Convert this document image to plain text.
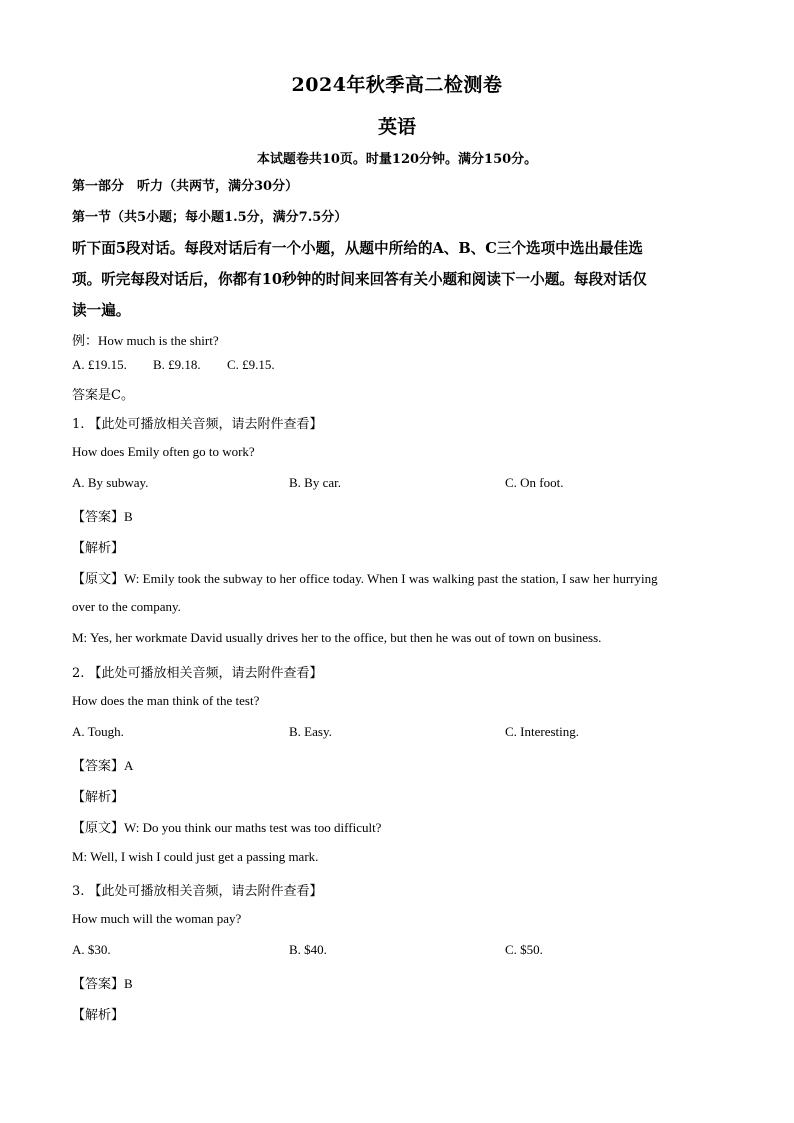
2024年秋季高二检测卷
英语
本试题卷共10页。时量120分钟。满分150分。
第一部分　听力（共两节，满分30分）
第一节（共5小题；每小题1.5分，满分7.5分）
听下面5段对话。每段对话后有一个小题，从题中所给的A、B、C三个选项中选出最佳选
项。听完每段对话后，你都有10秒钟的时间来回答有关小题和阅读下一小题。每段对话仅
读一遍。
例：How much is the shirt?
A. £19.15. B. £9.18. C. £9.15.
答案是C。
1. 【此处可播放相关音频，请去附件查看】
How does Emily often go to work?
A. By subway.	B. By car.	C. On foot.
【答案】B
【解析】
【原文】W: Emily took the subway to her office today. When I was walking past the station, I saw her hurrying
over to the company.
M: Yes, her workmate David usually drives her to the office, but then he was out of town on business.
2. 【此处可播放相关音频，请去附件查看】
How does the man think of the test?
A. Tough.	B. Easy.	C. Interesting.
【答案】A
【解析】
【原文】W: Do you think our maths test was too difficult?
M: Well, I wish I could just get a passing mark.
3. 【此处可播放相关音频，请去附件查看】
How much will the woman pay?
A. $30.	B. $40.	C. $50.
【答案】B
【解析】
